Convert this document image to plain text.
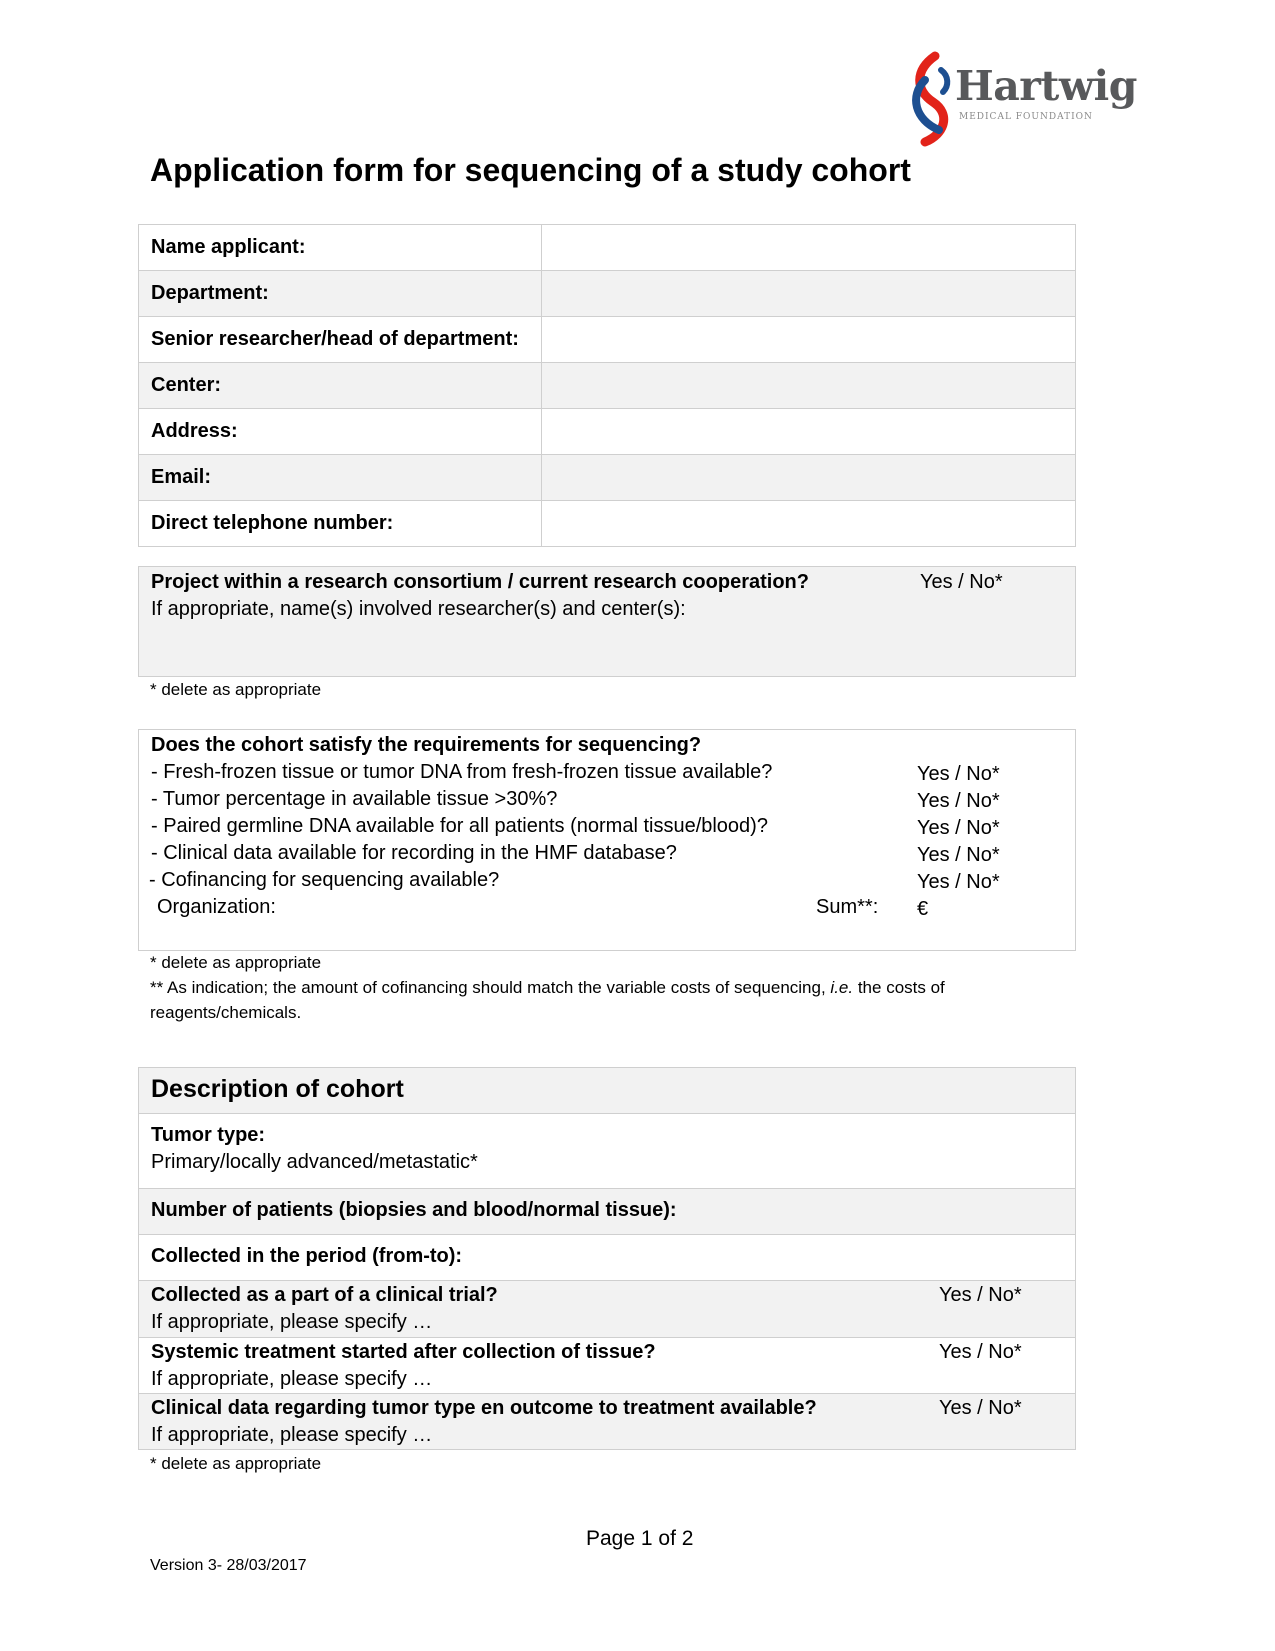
Hartwig
MEDICAL FOUNDATION
Application form for sequencing of a study cohort
Name applicant:	
Department:	
Senior researcher/head of department:	
Center:	
Address:	
Email:	
Direct telephone number:	
Project within a research consortium / current research cooperation?	Yes / No*
If appropriate, name(s) involved researcher(s) and center(s):
* delete as appropriate
Does the cohort satisfy the requirements for sequencing?
- Fresh-frozen tissue or tumor DNA from fresh-frozen tissue available?	Yes / No*
- Tumor percentage in available tissue >30%?	Yes / No*
- Paired germline DNA available for all patients (normal tissue/blood)?	Yes / No*
- Clinical data available for recording in the HMF database?	Yes / No*
- Cofinancing for sequencing available?	Yes / No*
Organization:	Sum**: €
* delete as appropriate
** As indication; the amount of cofinancing should match the variable costs of sequencing, i.e. the costs of
reagents/chemicals.
Description of cohort
Tumor type:
Primary/locally advanced/metastatic*
Number of patients (biopsies and blood/normal tissue):
Collected in the period (from-to):
Collected as a part of a clinical trial?	Yes / No*
If appropriate, please specify …
Systemic treatment started after collection of tissue?	Yes / No*
If appropriate, please specify …
Clinical data regarding tumor type en outcome to treatment available?	Yes / No*
If appropriate, please specify …
* delete as appropriate
Page 1 of 2
Version 3- 28/03/2017
